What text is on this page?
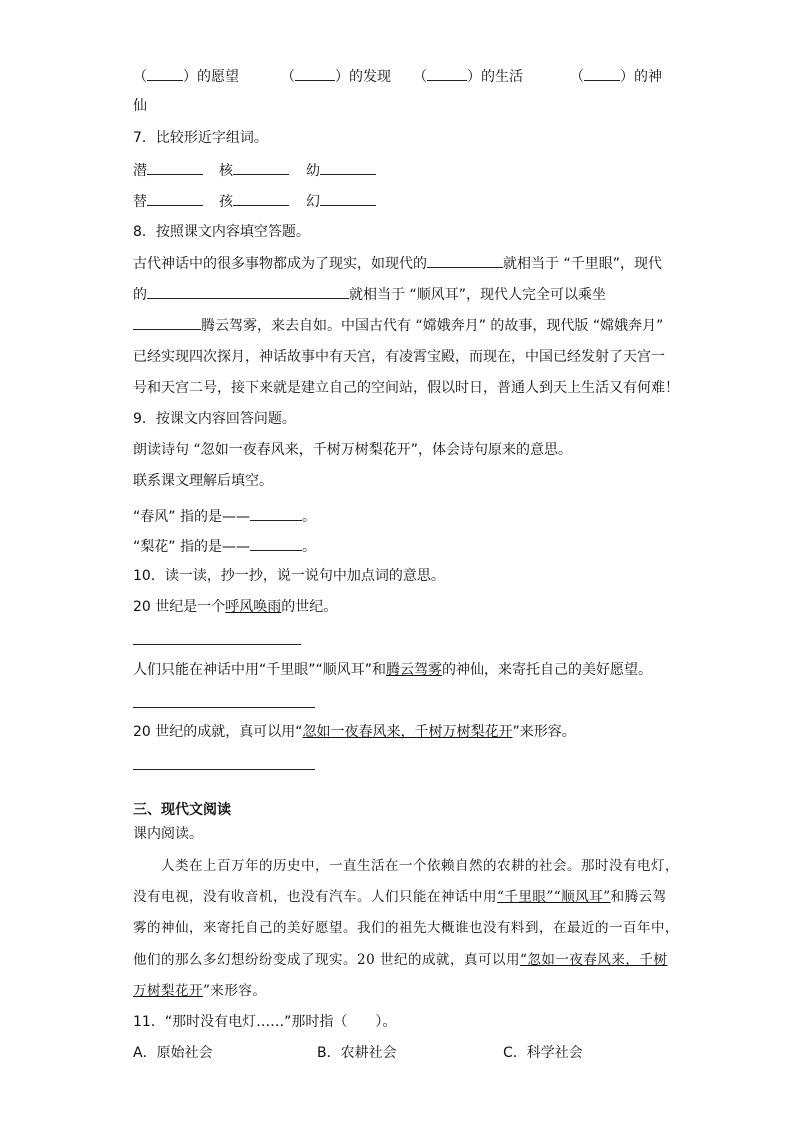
（	）的愿望	（	）的发现 （	）的生活	（	）的神
仙
7．比较形近字组词。
潜	核	幼
替	孩	幻
8．按照课文内容填空答题。
古代神话中的很多事物都成为了现实，如现代的	就相当于 “千里眼”，现代
的	就相当于 “顺风耳”，现代人完全可以乘坐
腾云驾雾，来去自如。中国古代有 “嫦娥奔月” 的故事，现代版 “嫦娥奔月”
已经实现四次探月，神话故事中有天宫，有凌霄宝殿，而现在，中国已经发射了天宫一
号和天宫二号，接下来就是建立自己的空间站，假以时日，普通人到天上生活又有何难！
9．按课文内容回答问题。
朗读诗句 “忽如一夜春风来，千树万树梨花开”，体会诗句原来的意思。
联系课文理解后填空。
“春风” 指的是——	。
“梨花” 指的是——	。
10．读一读，抄一抄，说一说句中加点词的意思。
20 世纪是一个呼风唤雨的世纪。
人们只能在神话中用“千里眼”“顺风耳”和腾云驾雾的神仙，来寄托自己的美好愿望。
20 世纪的成就，真可以用“忽如一夜春风来，千树万树梨花开”来形容。
三、现代文阅读
课内阅读。
人类在上百万年的历史中，一直生活在一个依赖自然的农耕的社会。那时没有电灯，
没有电视，没有收音机，也没有汽车。人们只能在神话中用“千里眼”“顺风耳”和腾云驾
雾的神仙，来寄托自己的美好愿望。我们的祖先大概谁也没有料到，在最近的一百年中，
他们的那么多幻想纷纷变成了现实。20 世纪的成就，真可以用“忽如一夜春风来，千树
万树梨花开”来形容。
11．“那时没有电灯……”那时指（　　）。
A．原始社会	B．农耕社会	C．科学社会
